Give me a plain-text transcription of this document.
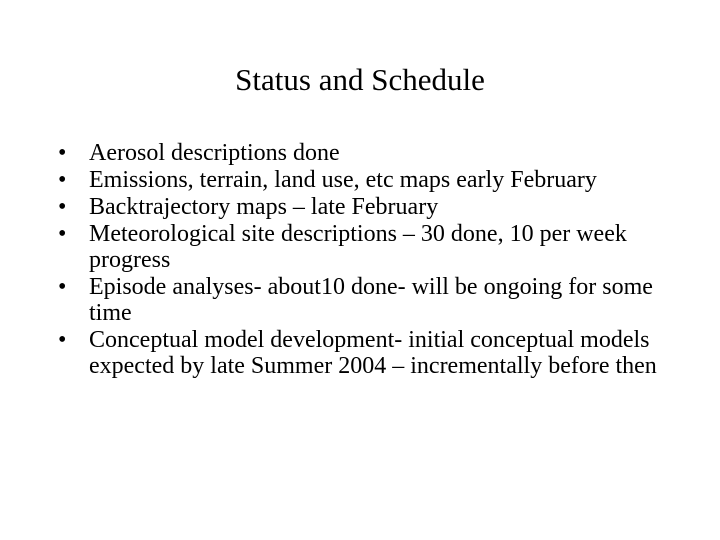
Status and Schedule
• Aerosol descriptions done
• Emissions, terrain, land use, etc maps early February
• Backtrajectory maps – late February
• Meteorological site descriptions – 30 done, 10 per week progress
• Episode analyses- about10 done- will be ongoing for some time
• Conceptual model development- initial conceptual models expected by late Summer 2004 – incrementally before then
